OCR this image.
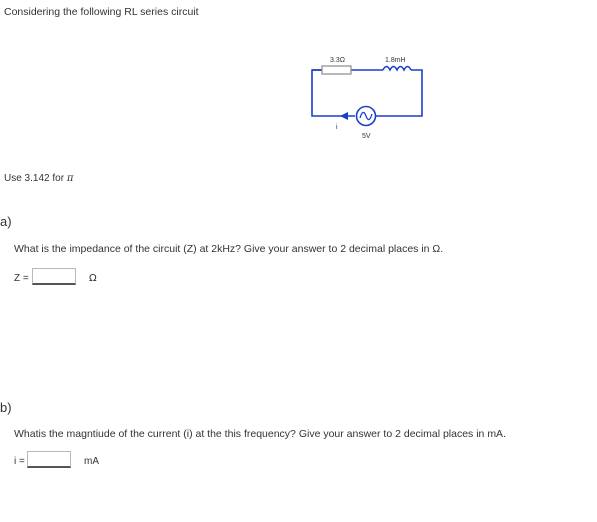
Considering the following RL series circuit
3.3Ω	1.8mH
i
5V
Use 3.142 for π
a)
What is the impedance of the circuit (Z) at 2kHz? Give your answer to 2 decimal places in Ω.
Z =	Ω
b)
Whatis the magntiude of the current (i) at the this frequency? Give your answer to 2 decimal places in mA.
i =	mA
